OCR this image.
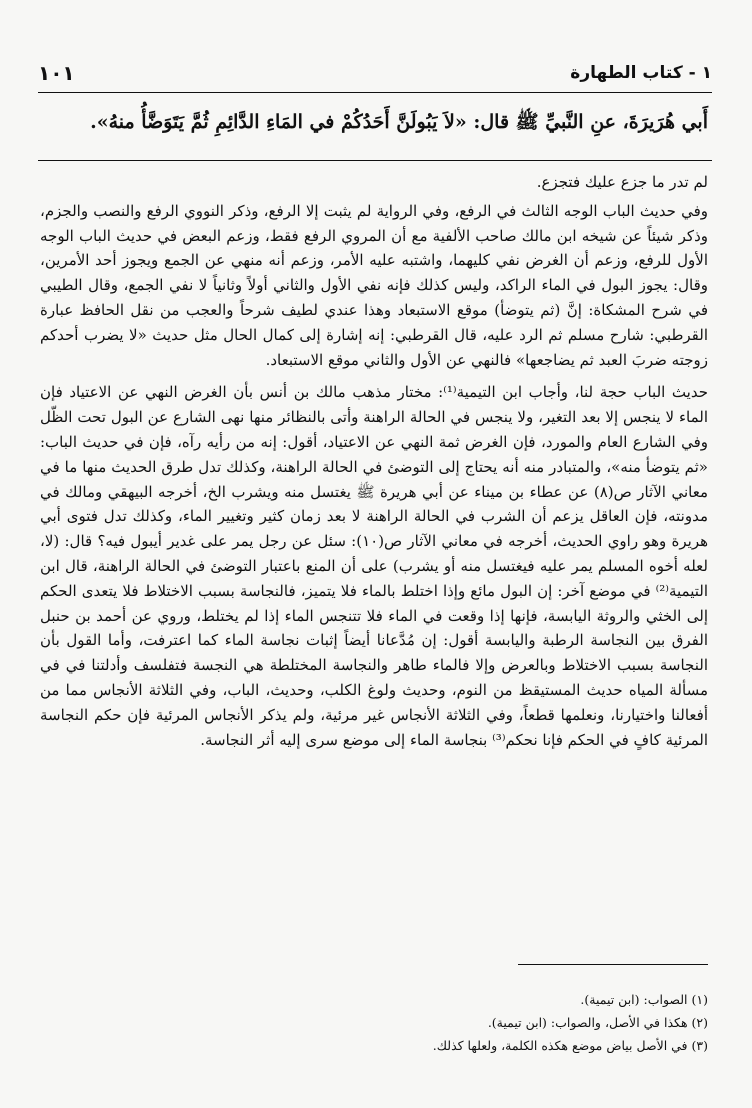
١ - كتاب الطهارة
١٠١
أَبي هُرَيرَةَ، عنِ النَّبيِّ ﷺ قال: «لاَ يَبُولَنَّ أَحَدُكُمْ في المَاءِ الدَّائِمِ ثُمَّ يَتَوَضَّأُ منهُ».

لم تدر ما جزع عليك فتجزع.

وفي حديث الباب الوجه الثالث في الرفع، وفي الرواية لم يثبت إلا الرفع، وذكر النووي الرفع والنصب والجزم، وذكر شيئاً عن شيخه ابن مالك صاحب الألفية مع أن المروي الرفع فقط، وزعم البعض في حديث الباب الوجه الأول للرفع، وزعم أن الغرض نفي كليهما، واشتبه عليه الأمر، وزعم أنه منهي عن الجمع ويجوز أحد الأمرين، وقال: يجوز البول في الماء الراكد، وليس كذلك فإنه نفي الأول والثاني أولاً وثانياً لا نفي الجمع، وقال الطيبي في شرح المشكاة: إنَّ (ثم يتوضأ) موقع الاستبعاد وهذا عندي لطيف شرحاً والعجب من نقل الحافظ عبارة القرطبي: شارح مسلم ثم الرد عليه، قال القرطبي: إنه إشارة إلى كمال الحال مثل حديث «لا يضرب أحدكم زوجته ضربَ العبد ثم يضاجعها» فالنهي عن الأول والثاني موقع الاستبعاد.

حديث الباب حجة لنا، وأجاب ابن التيمية⁽¹⁾: مختار مذهب مالك بن أنس بأن الغرض النهي عن الاعتياد فإن الماء لا ينجس إلا بعد التغير، ولا ينجس في الحالة الراهنة وأتى بالنظائر منها نهى الشارع عن البول تحت الظّل وفي الشارع العام والمورد، فإن الغرض ثمة النهي عن الاعتياد، أقول: إنه من رأيه رآه، فإن في حديث الباب: «ثم يتوضأ منه»، والمتبادر منه أنه يحتاج إلى التوضئ في الحالة الراهنة، وكذلك تدل طرق الحديث منها ما في معاني الآثار ص(٨) عن عطاء بن ميناء عن أبي هريرة ﷺ يغتسل منه ويشرب الخ، أخرجه البيهقي ومالك في مدونته، فإن العاقل يزعم أن الشرب في الحالة الراهنة لا بعد زمان كثير وتغيير الماء، وكذلك تدل فتوى أبي هريرة وهو راوي الحديث، أخرجه في معاني الآثار ص(١٠): سئل عن رجل يمر على غدير أيبول فيه؟ قال: (لا، لعله أخوه المسلم يمر عليه فيغتسل منه أو يشرب) على أن المنع باعتبار التوضئ في الحالة الراهنة، قال ابن التيمية⁽²⁾ في موضع آخر: إن البول مائع وإذا اختلط بالماء فلا يتميز، فالنجاسة بسبب الاختلاط فلا يتعدى الحكم إلى الخثي والروثة اليابسة، فإنها إذا وقعت في الماء فلا تتنجس الماء إذا لم يختلط، وروي عن أحمد بن حنبل الفرق بين النجاسة الرطبة واليابسة أقول: إن مُدَّعانا أيضاً إثبات نجاسة الماء كما اعترفت، وأما القول بأن النجاسة بسبب الاختلاط وبالعرض وإلا فالماء طاهر والنجاسة المختلطة هي النجسة فتفلسف وأدلتنا في في مسألة المياه حديث المستيقظ من النوم، وحديث ولوغ الكلب، وحديث، الباب، وفي الثلاثة الأنجاس مما من أفعالنا واختيارنا، ونعلمها قطعاً، وفي الثلاثة الأنجاس غير مرئية، ولم يذكر الأنجاس المرئية فإن حكم النجاسة المرئية كافٍ في الحكم فإنا نحكم⁽³⁾ بنجاسة الماء إلى موضع سرى إليه أثر النجاسة.

(١) الصواب: (ابن تيمية).
(٢) هكذا في الأصل، والصواب: (ابن تيمية).
(٣) في الأصل بياض موضع هكذه الكلمة، ولعلها كذلك.
